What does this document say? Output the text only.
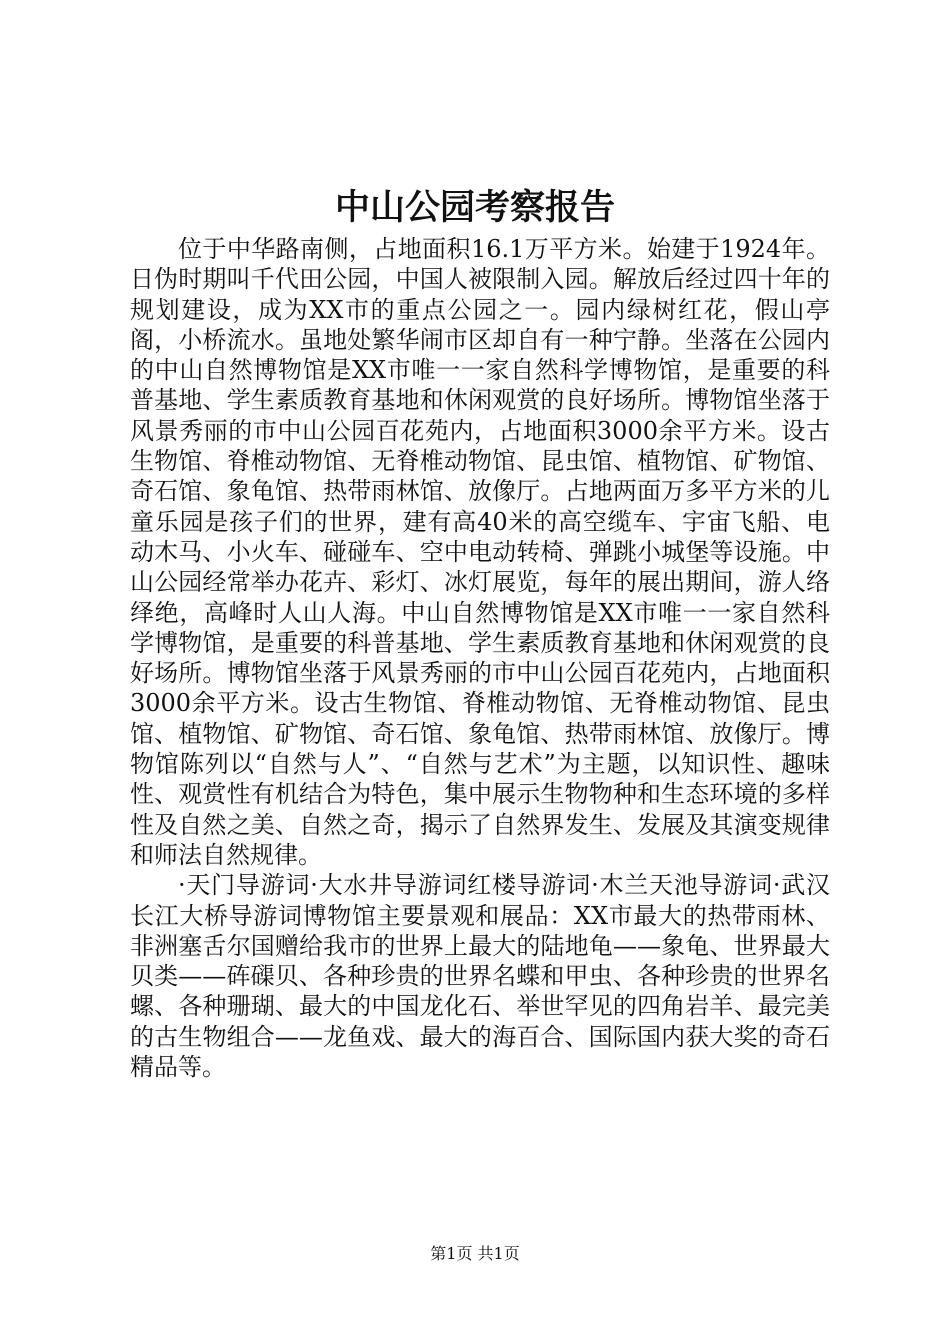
中山公园考察报告

位于中华路南侧，占地面积16.1万平方米。始建于1924年。日伪时期叫千代田公园，中国人被限制入园。解放后经过四十年的规划建设，成为XX市的重点公园之一。园内绿树红花，假山亭阁，小桥流水。虽地处繁华闹市区却自有一种宁静。坐落在公园内的中山自然博物馆是XX市唯一一家自然科学博物馆，是重要的科普基地、学生素质教育基地和休闲观赏的良好场所。博物馆坐落于风景秀丽的市中山公园百花苑内，占地面积3000余平方米。设古生物馆、脊椎动物馆、无脊椎动物馆、昆虫馆、植物馆、矿物馆、奇石馆、象龟馆、热带雨林馆、放像厅。占地两面万多平方米的儿童乐园是孩子们的世界，建有高40米的高空缆车、宇宙飞船、电动木马、小火车、碰碰车、空中电动转椅、弹跳小城堡等设施。中山公园经常举办花卉、彩灯、冰灯展览，每年的展出期间，游人络绎绝，高峰时人山人海。中山自然博物馆是XX市唯一一家自然科学博物馆，是重要的科普基地、学生素质教育基地和休闲观赏的良好场所。博物馆坐落于风景秀丽的市中山公园百花苑内，占地面积3000余平方米。设古生物馆、脊椎动物馆、无脊椎动物馆、昆虫馆、植物馆、矿物馆、奇石馆、象龟馆、热带雨林馆、放像厅。博物馆陈列以“自然与人”、“自然与艺术”为主题，以知识性、趣味性、观赏性有机结合为特色，集中展示生物物种和生态环境的多样性及自然之美、自然之奇，揭示了自然界发生、发展及其演变规律和师法自然规律。

·天门导游词·大水井导游词红楼导游词·木兰天池导游词·武汉长江大桥导游词博物馆主要景观和展品：XX市最大的热带雨林、非洲塞舌尔国赠给我市的世界上最大的陆地龟——象龟、世界最大贝类——砗磲贝、各种珍贵的世界名蝶和甲虫、各种珍贵的世界名螺、各种珊瑚、最大的中国龙化石、举世罕见的四角岩羊、最完美的古生物组合——龙鱼戏、最大的海百合、国际国内获大奖的奇石精品等。

第1页 共1页
